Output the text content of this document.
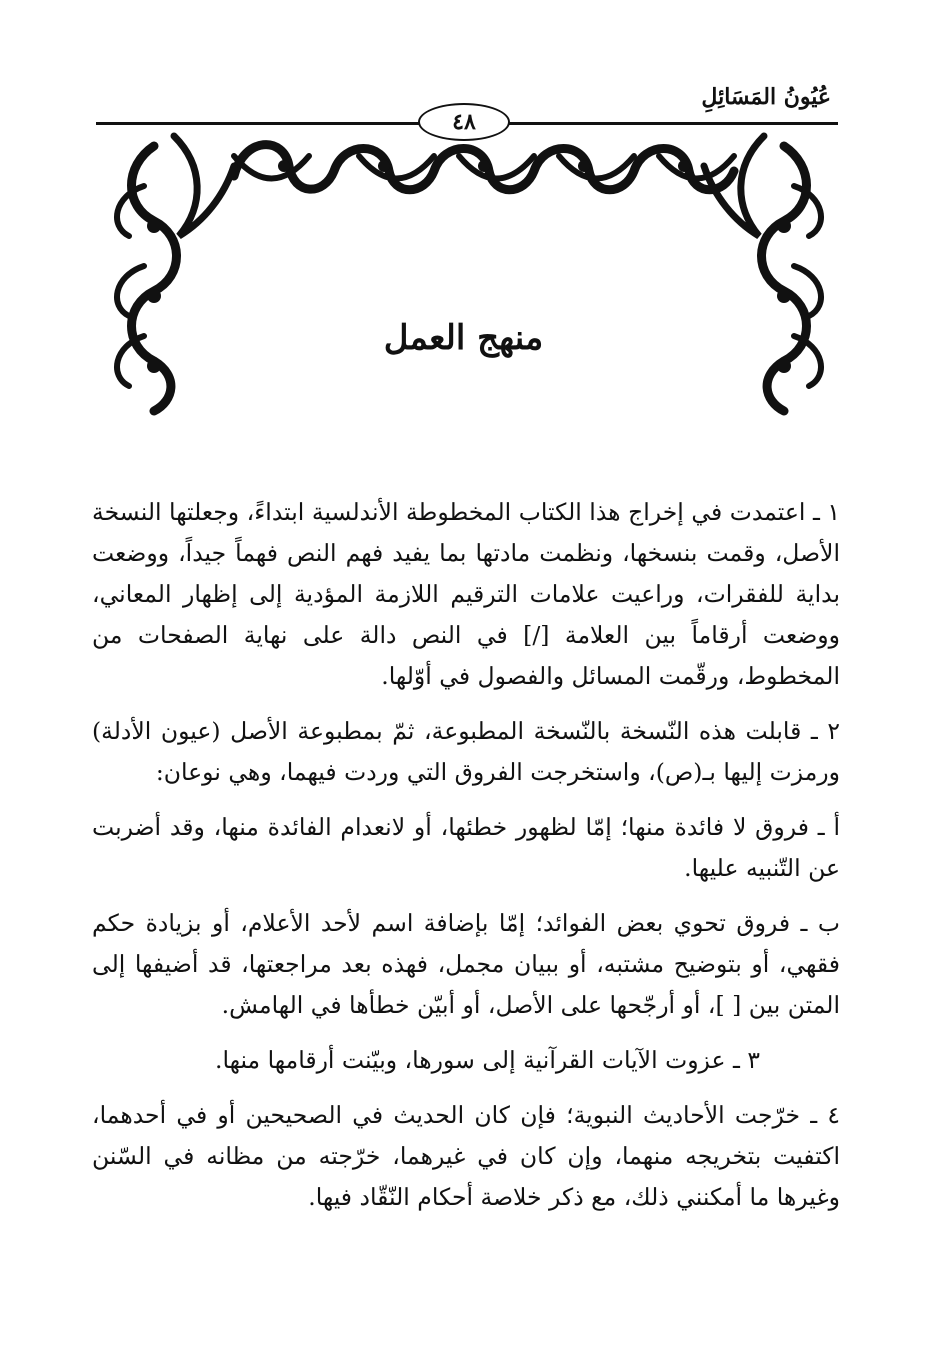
عُيُونُ المَسَائِلِ
٤٨
منهج العمل

١ ـ اعتمدت في إخراج هذا الكتاب المخطوطة الأندلسية ابتداءً، وجعلتها النسخة الأصل، وقمت بنسخها، ونظمت مادتها بما يفيد فهم النص فهماً جيداً، ووضعت بداية للفقرات، وراعيت علامات الترقيم اللازمة المؤدية إلى إظهار المعاني، ووضعت أرقاماً بين العلامة [/] في النص دالة على نهاية الصفحات من المخطوط، ورقّمت المسائل والفصول في أوّلها.

٢ ـ قابلت هذه النّسخة بالنّسخة المطبوعة، ثمّ بمطبوعة الأصل (عيون الأدلة) ورمزت إليها بـ(ص)، واستخرجت الفروق التي وردت فيهما، وهي نوعان:

أ ـ فروق لا فائدة منها؛ إمّا لظهور خطئها، أو لانعدام الفائدة منها، وقد أضربت عن التّنبيه عليها.

ب ـ فروق تحوي بعض الفوائد؛ إمّا بإضافة اسم لأحد الأعلام، أو بزيادة حكم فقهي، أو بتوضيح مشتبه، أو ببيان مجمل، فهذه بعد مراجعتها، قد أضيفها إلى المتن بين [ ]، أو أرجّحها على الأصل، أو أبيّن خطأها في الهامش.

٣ ـ عزوت الآيات القرآنية إلى سورها، وبيّنت أرقامها منها.

٤ ـ خرّجت الأحاديث النبوية؛ فإن كان الحديث في الصحيحين أو في أحدهما، اكتفيت بتخريجه منهما، وإن كان في غيرهما، خرّجته من مظانه في السّنن وغيرها ما أمكنني ذلك، مع ذكر خلاصة أحكام النّقّاد فيها.
